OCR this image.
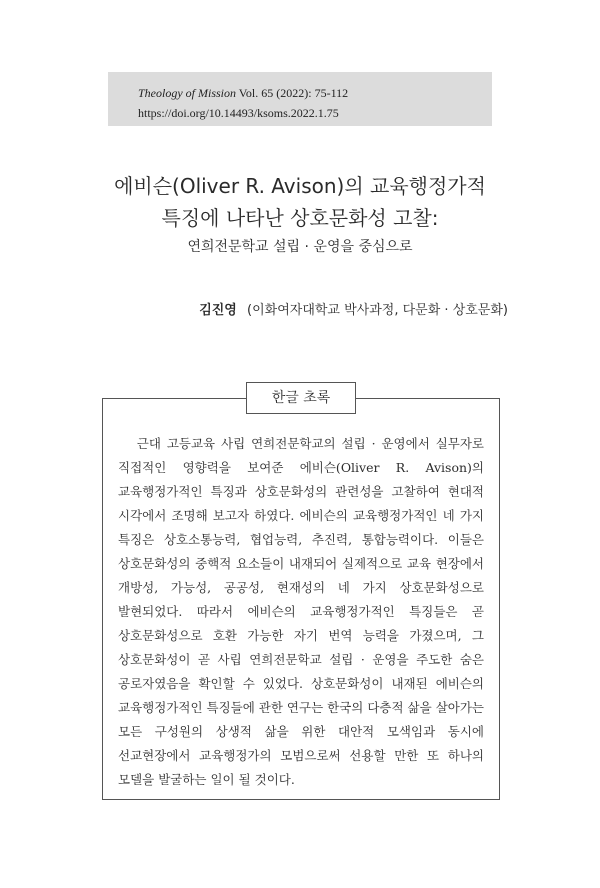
Theology of Mission Vol. 65 (2022): 75-112
https://doi.org/10.14493/ksoms.2022.1.75
에비슨(Oliver R. Avison)의 교육행정가적
특징에 나타난 상호문화성 고찰:
연희전문학교 설립 · 운영을 중심으로
김진영 (이화여자대학교 박사과정, 다문화 · 상호문화)
한글 초록

근대 고등교육 사립 연희전문학교의 설립 · 운영에서 실무자로 직접적인 영향력을 보여준 에비슨(Oliver R. Avison)의 교육행정가적인 특징과 상호문화성의 관련성을 고찰하여 현대적 시각에서 조명해 보고자 하였다. 에비슨의 교육행정가적인 네 가지 특징은 상호소통능력, 협업능력, 추진력, 통합능력이다. 이들은 상호문화성의 중핵적 요소들이 내재되어 실제적으로 교육 현장에서 개방성, 가능성, 공공성, 현재성의 네 가지 상호문화성으로 발현되었다. 따라서 에비슨의 교육행정가적인 특징들은 곧 상호문화성으로 호환 가능한 자기 번역 능력을 가졌으며, 그 상호문화성이 곧 사립 연희전문학교 설립 · 운영을 주도한 숨은 공로자였음을 확인할 수 있었다. 상호문화성이 내재된 에비슨의 교육행정가적인 특징들에 관한 연구는 한국의 다층적 삶을 살아가는 모든 구성원의 상생적 삶을 위한 대안적 모색임과 동시에 선교현장에서 교육행정가의 모범으로써 선용할 만한 또 하나의 모델을 발굴하는 일이 될 것이다.
